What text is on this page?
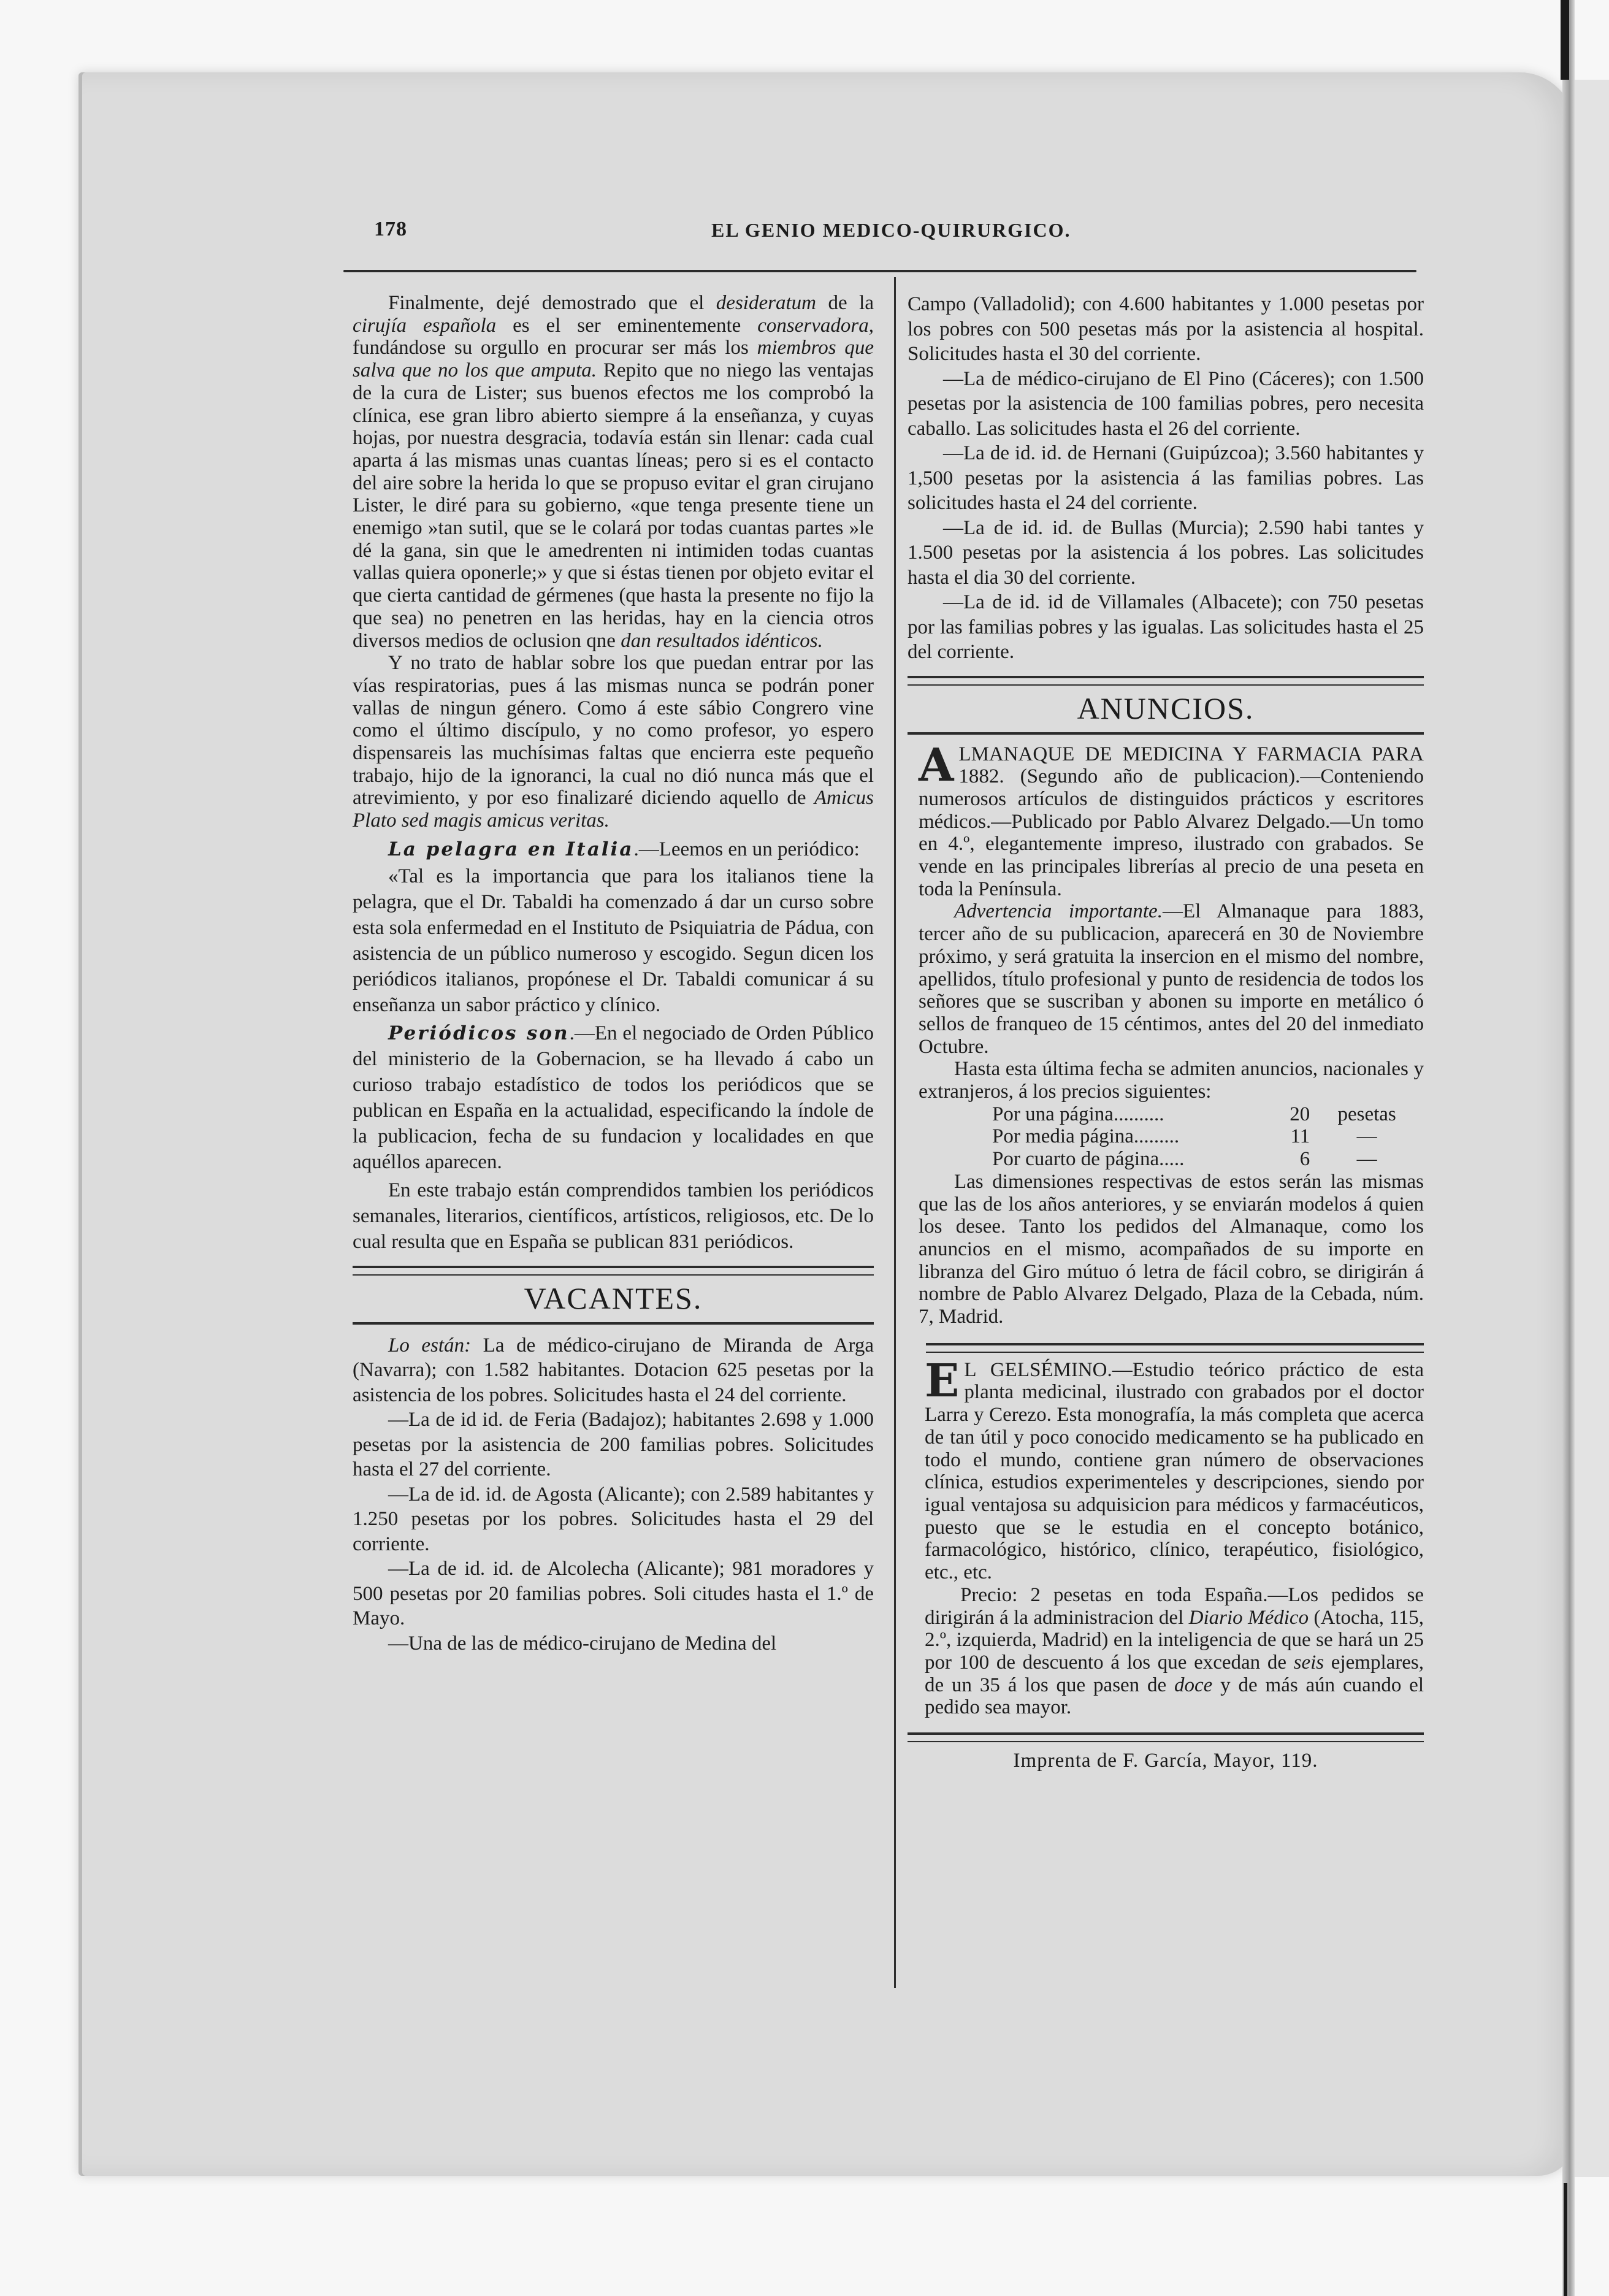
178	EL GENIO MEDICO-QUIRURGICO.

Finalmente, dejé demostrado que el desideratum de la cirujía española es el ser eminentemente conservadora, fundándose su orgullo en procurar ser más los miembros que salva que no los que amputa. Repito que no niego las ventajas de la cura de Lister; sus buenos efectos me los comprobó la clínica, ese gran libro abierto siempre á la enseñanza, y cuyas hojas, por nuestra desgracia, todavía están sin llenar: cada cual aparta á las mismas unas cuantas líneas; pero si es el contacto del aire sobre la herida lo que se propuso evitar el gran cirujano Lister, le diré para su gobierno, «que tenga presente tiene un enemigo »tan sutil, que se le colará por todas cuantas partes »le dé la gana, sin que le amedrenten ni intimiden todas cuantas vallas quiera oponerle;» y que si éstas tienen por objeto evitar el que cierta cantidad de gérmenes (que hasta la presente no fijo la que sea) no penetren en las heridas, hay en la ciencia otros diversos medios de oclusion qne dan resultados idénticos.

Y no trato de hablar sobre los que puedan entrar por las vías respiratorias, pues á las mismas nunca se podrán poner vallas de ningun género. Como á este sábio Congrero vine como el último discípulo, y no como profesor, yo espero dispensareis las muchísimas faltas que encierra este pequeño trabajo, hijo de la ignoranci, la cual no dió nunca más que el atrevimiento, y por eso finalizaré diciendo aquello de Amicus Plato sed magis amicus veritas.

La pelagra en Italia.—Leemos en un periódico:

«Tal es la importancia que para los italianos tiene la pelagra, que el Dr. Tabaldi ha comenzado á dar un curso sobre esta sola enfermedad en el Instituto de Psiquiatria de Pádua, con asistencia de un público numeroso y escogido. Segun dicen los periódicos italianos, propónese el Dr. Tabaldi comunicar á su enseñanza un sabor práctico y clínico.

Periódicos son.—En el negociado de Orden Público del ministerio de la Gobernacion, se ha llevado á cabo un curioso trabajo estadístico de todos los periódicos que se publican en España en la actualidad, especificando la índole de la publicacion, fecha de su fundacion y localidades en que aquéllos aparecen.

En este trabajo están comprendidos tambien los periódicos semanales, literarios, científicos, artísticos, religiosos, etc. De lo cual resulta que en España se publican 831 periódicos.

VACANTES.

Lo están: La de médico-cirujano de Miranda de Arga (Navarra); con 1.582 habitantes. Dotacion 625 pesetas por la asistencia de los pobres. Solicitudes hasta el 24 del corriente.

—La de id id. de Feria (Badajoz); habitantes 2.698 y 1.000 pesetas por la asistencia de 200 familias pobres. Solicitudes hasta el 27 del corriente.

—La de id. id. de Agosta (Alicante); con 2.589 habitantes y 1.250 pesetas por los pobres. Solicitudes hasta el 29 del corriente.

—La de id. id. de Alcolecha (Alicante); 981 moradores y 500 pesetas por 20 familias pobres. Soli citudes hasta el 1.º de Mayo.

—Una de las de médico-cirujano de Medina del

Campo (Valladolid); con 4.600 habitantes y 1.000 pesetas por los pobres con 500 pesetas más por la asistencia al hospital. Solicitudes hasta el 30 del corriente.

—La de médico-cirujano de El Pino (Cáceres); con 1.500 pesetas por la asistencia de 100 familias pobres, pero necesita caballo. Las solicitudes hasta el 26 del corriente.

—La de id. id. de Hernani (Guipúzcoa); 3.560 habitantes y 1,500 pesetas por la asistencia á las familias pobres. Las solicitudes hasta el 24 del corriente.

—La de id. id. de Bullas (Murcia); 2.590 habi tantes y 1.500 pesetas por la asistencia á los pobres. Las solicitudes hasta el dia 30 del corriente.

—La de id. id de Villamales (Albacete); con 750 pesetas por las familias pobres y las igualas. Las solicitudes hasta el 25 del corriente.

ANUNCIOS.

ALMANAQUE DE MEDICINA Y FARMACIA PARA 1882. (Segundo año de publicacion).—Conteniendo numerosos artículos de distinguidos prácticos y escritores médicos.—Publicado por Pablo Alvarez Delgado.—Un tomo en 4.º, elegantemente impreso, ilustrado con grabados. Se vende en las principales librerías al precio de una peseta en toda la Península.

Advertencia importante.—El Almanaque para 1883, tercer año de su publicacion, aparecerá en 30 de Noviembre próximo, y será gratuita la insercion en el mismo del nombre, apellidos, título profesional y punto de residencia de todos los señores que se suscriban y abonen su importe en metálico ó sellos de franqueo de 15 céntimos, antes del 20 del inmediato Octubre.

Hasta esta última fecha se admiten anuncios, nacionales y extranjeros, á los precios siguientes:

Por una página..........	20	pesetas
Por media página.........	11	—
Por cuarto de página.....	6	—

Las dimensiones respectivas de estos serán las mismas que las de los años anteriores, y se enviarán modelos á quien los desee. Tanto los pedidos del Almanaque, como los anuncios en el mismo, acompañados de su importe en libranza del Giro mútuo ó letra de fácil cobro, se dirigirán á nombre de Pablo Alvarez Delgado, Plaza de la Cebada, núm. 7, Madrid.

E L GELSÉMINO.—Estudio teórico práctico de esta planta medicinal, ilustrado con grabados por el doctor Larra y Cerezo. Esta monografía, la más completa que acerca de tan útil y poco conocido medicamento se ha publicado en todo el mundo, contiene gran número de observaciones clínica, estudios experimenteles y descripciones, siendo por igual ventajosa su adquisicion para médicos y farmacéuticos, puesto que se le estudia en el concepto botánico, farmacológico, histórico, clínico, terapéutico, fisiológico, etc., etc.

Precio: 2 pesetas en toda España.—Los pedidos se dirigirán á la administracion del Diario Médico (Atocha, 115, 2.º, izquierda, Madrid) en la inteligencia de que se hará un 25 por 100 de descuento á los que excedan de seis ejemplares, de un 35 á los que pasen de doce y de más aún cuando el pedido sea mayor.

Imprenta de F. García, Mayor, 119.
